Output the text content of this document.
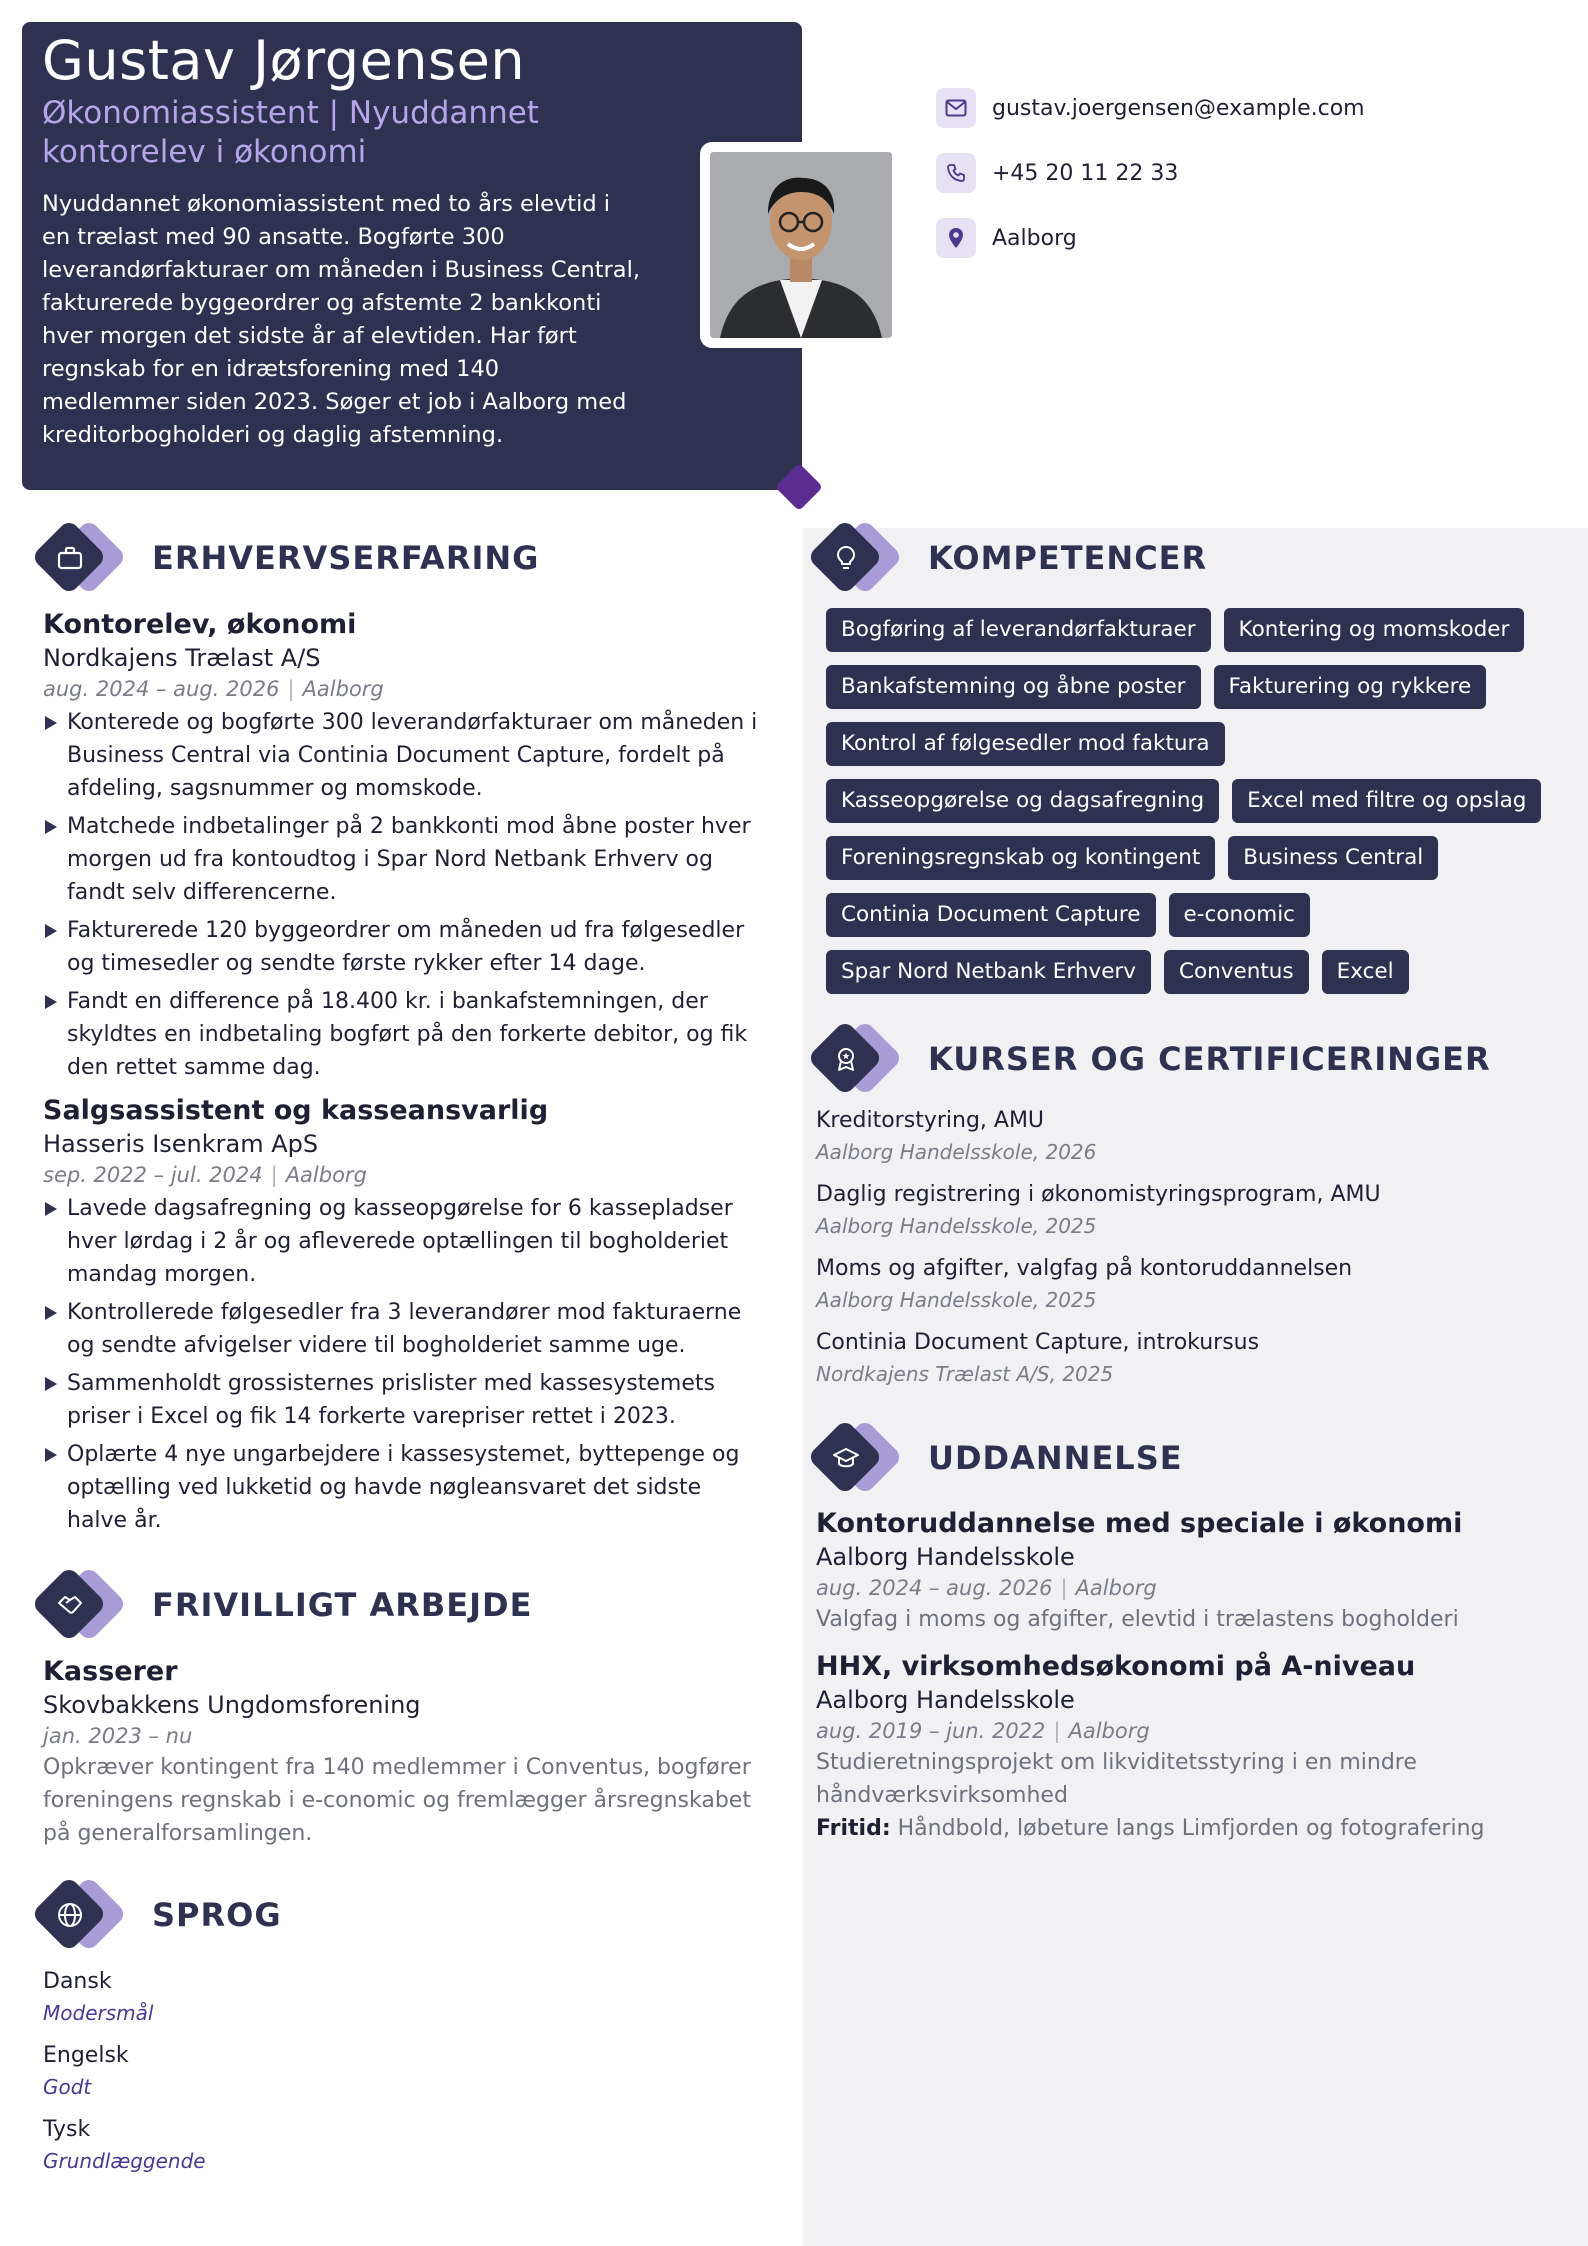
Gustav Jørgensen
Økonomiassistent | Nyuddannet kontorelev i økonomi
Nyuddannet økonomiassistent med to års elevtid i en trælast med 90 ansatte. Bogførte 300 leverandørfakturaer om måneden i Business Central, fakturerede byggeordrer og afstemte 2 bankkonti hver morgen det sidste år af elevtiden. Har ført regnskab for en idrætsforening med 140 medlemmer siden 2023. Søger et job i Aalborg med kreditorbogholderi og daglig afstemning.
gustav.joergensen@example.com
+45 20 11 22 33
Aalborg
ERHVERVSERFARING
Kontorelev, økonomi
Nordkajens Trælast A/S
aug. 2024 – aug. 2026 | Aalborg
Konterede og bogførte 300 leverandørfakturaer om måneden i Business Central via Continia Document Capture, fordelt på afdeling, sagsnummer og momskode.
Matchede indbetalinger på 2 bankkonti mod åbne poster hver morgen ud fra kontoudtog i Spar Nord Netbank Erhverv og fandt selv differencerne.
Fakturerede 120 byggeordrer om måneden ud fra følgesedler og timesedler og sendte første rykker efter 14 dage.
Fandt en difference på 18.400 kr. i bankafstemningen, der skyldtes en indbetaling bogført på den forkerte debitor, og fik den rettet samme dag.
Salgsassistent og kasseansvarlig
Hasseris Isenkram ApS
sep. 2022 – jul. 2024 | Aalborg
Lavede dagsafregning og kasseopgørelse for 6 kassepladser hver lørdag i 2 år og afleverede optællingen til bogholderiet mandag morgen.
Kontrollerede følgesedler fra 3 leverandører mod fakturaerne og sendte afvigelser videre til bogholderiet samme uge.
Sammenholdt grossisternes prislister med kassesystemets priser i Excel og fik 14 forkerte varepriser rettet i 2023.
Oplærte 4 nye ungarbejdere i kassesystemet, byttepenge og optælling ved lukketid og havde nøgleansvaret det sidste halve år.
FRIVILLIGT ARBEJDE
Kasserer
Skovbakkens Ungdomsforening
jan. 2023 – nu
Opkræver kontingent fra 140 medlemmer i Conventus, bogfører foreningens regnskab i e-conomic og fremlægger årsregnskabet på generalforsamlingen.
SPROG
Dansk
Modersmål
Engelsk
Godt
Tysk
Grundlæggende
KOMPETENCER
Bogføring af leverandørfakturaer	Kontering og momskoder
Bankafstemning og åbne poster	Fakturering og rykkere
Kontrol af følgesedler mod faktura
Kasseopgørelse og dagsafregning	Excel med filtre og opslag
Foreningsregnskab og kontingent	Business Central
Continia Document Capture	e-conomic
Spar Nord Netbank Erhverv	Conventus	Excel
KURSER OG CERTIFICERINGER
Kreditorstyring, AMU
Aalborg Handelsskole, 2026
Daglig registrering i økonomistyringsprogram, AMU
Aalborg Handelsskole, 2025
Moms og afgifter, valgfag på kontoruddannelsen
Aalborg Handelsskole, 2025
Continia Document Capture, introkursus
Nordkajens Trælast A/S, 2025
UDDANNELSE
Kontoruddannelse med speciale i økonomi
Aalborg Handelsskole
aug. 2024 – aug. 2026 | Aalborg
Valgfag i moms og afgifter, elevtid i trælastens bogholderi
HHX, virksomhedsøkonomi på A-niveau
Aalborg Handelsskole
aug. 2019 – jun. 2022 | Aalborg
Studieretningsprojekt om likviditetsstyring i en mindre håndværksvirksomhed
Fritid: Håndbold, løbeture langs Limfjorden og fotografering
